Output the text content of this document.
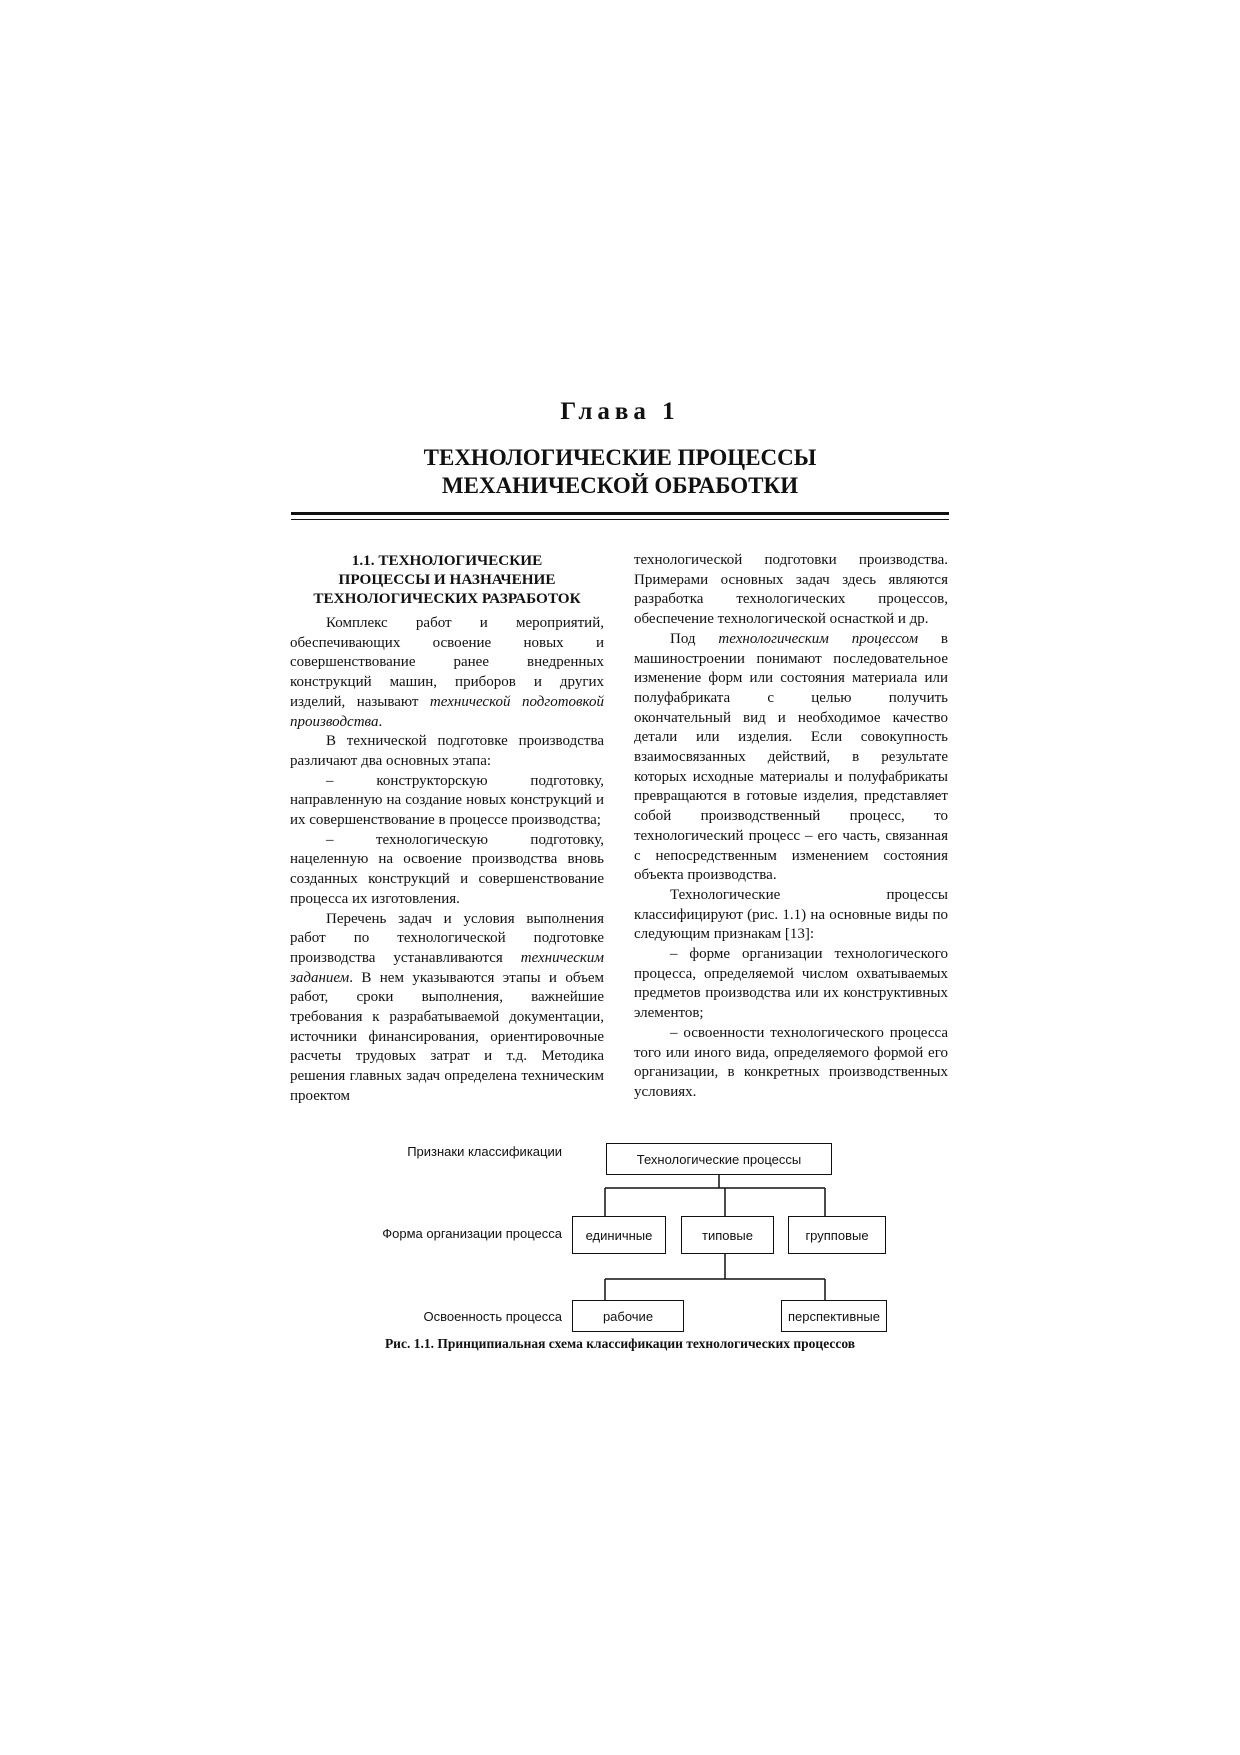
Глава 1
ТЕХНОЛОГИЧЕСКИЕ ПРОЦЕССЫ
МЕХАНИЧЕСКОЙ ОБРАБОТКИ
1.1. ТЕХНОЛОГИЧЕСКИЕ
ПРОЦЕССЫ И НАЗНАЧЕНИЕ
ТЕХНОЛОГИЧЕСКИХ РАЗРАБОТОК

Комплекс работ и мероприятий, обеспечивающих освоение новых и совершенствование ранее внедренных конструкций машин, приборов и других изделий, называют технической подготовкой производства.

В технической подготовке производства различают два основных этапа:

– конструкторскую подготовку, направленную на создание новых конструкций и их совершенствование в процессе производства;

– технологическую подготовку, нацеленную на освоение производства вновь созданных конструкций и совершенствование процесса их изготовления.

Перечень задач и условия выполнения работ по технологической подготовке производства устанавливаются техническим заданием. В нем указываются этапы и объем работ, сроки выполнения, важнейшие требования к разрабатываемой документации, источники финансирования, ориентировочные расчеты трудовых затрат и т.д. Методика решения главных задач определена техническим проектом

технологической подготовки производства. Примерами основных задач здесь являются разработка технологических процессов, обеспечение технологической оснасткой и др.

Под технологическим процессом в машиностроении понимают последовательное изменение форм или состояния материала или полуфабриката с целью получить окончательный вид и необходимое качество детали или изделия. Если совокупность взаимосвязанных действий, в результате которых исходные материалы и полуфабрикаты превращаются в готовые изделия, представляет собой производственный процесс, то технологический процесс – его часть, связанная с непосредственным изменением состояния объекта производства.

Технологические процессы классифицируют (рис. 1.1) на основные виды по следующим признакам [13]:

– форме организации технологического процесса, определяемой числом охватываемых предметов производства или их конструктивных элементов;

– освоенности технологического процесса того или иного вида, определяемого формой его организации, в конкретных производственных условиях.

Признаки классификации
Форма организации процесса
Освоенность процесса
Технологические процессы
единичные	типовые	групповые
рабочие	перспективные
Рис. 1.1. Принципиальная схема классификации технологических процессов
